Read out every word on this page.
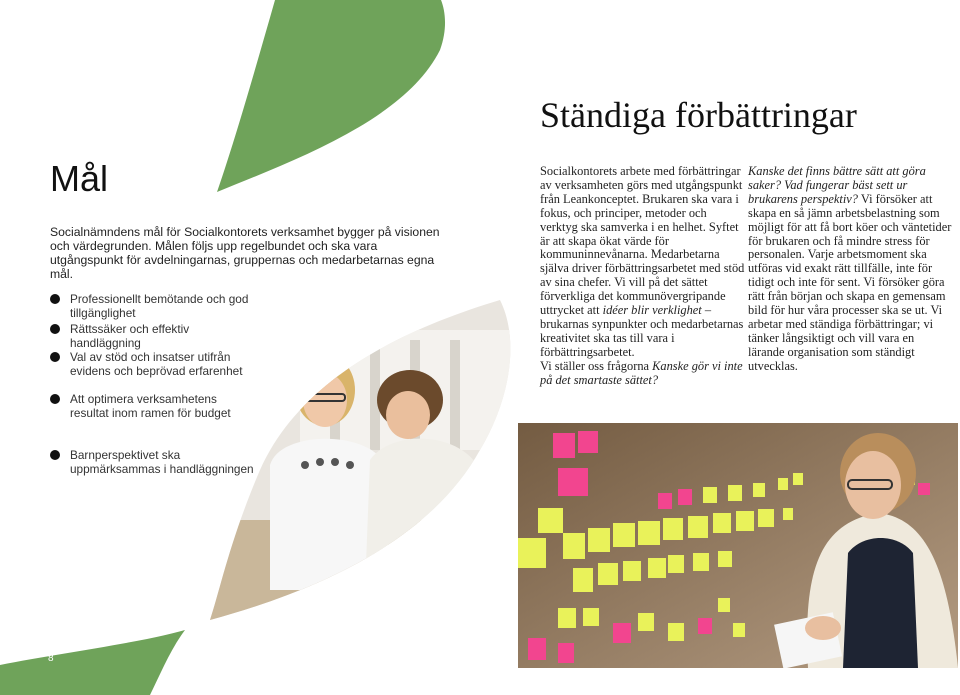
Mål

Socialnämndens mål för Socialkontorets verksamhet bygger på visionen och värdegrunden. Målen följs upp regelbundet och ska vara utgångspunkt för avdelningarnas, gruppernas och medarbetarnas egna mål.

Professionellt bemötande och god tillgänglighet
Rättssäker och effektiv handläggning
Val av stöd och insatser utifrån evidens och beprövad erfarenhet
Att optimera verksamhetens resultat inom ramen för budget
Barnperspektivet ska uppmärksammas i handläggningen

8

Ständiga förbättringar

Socialkontorets arbete med förbättringar av verksamheten görs med utgångspunkt från Leankonceptet. Brukaren ska vara i fokus, och principer, metoder och verktyg ska samverka i en helhet. Syftet är att skapa ökat värde för kommuninnevånarna. Medarbetarna själva driver förbättringsarbetet med stöd av sina chefer. Vi vill på det sättet förverkliga det kommunövergripande uttrycket att idéer blir verklighet – brukarnas synpunkter och medarbetarnas kreativitet ska tas till vara i förbättringsarbetet.

Vi ställer oss frågorna Kanske gör vi inte på det smartaste sättet?

Kanske det finns bättre sätt att göra saker? Vad fungerar bäst sett ur brukarens perspektiv? Vi försöker att skapa en så jämn arbetsbelastning som möjligt för att få bort köer och väntetider för brukaren och få mindre stress för personalen. Varje arbetsmoment ska utföras vid exakt rätt tillfälle, inte för tidigt och inte för sent. Vi försöker göra rätt från början och skapa en gemensam bild för hur våra processer ska se ut. Vi arbetar med ständiga förbättringar; vi tänker långsiktigt och vill vara en lärande organisation som ständigt utvecklas.
